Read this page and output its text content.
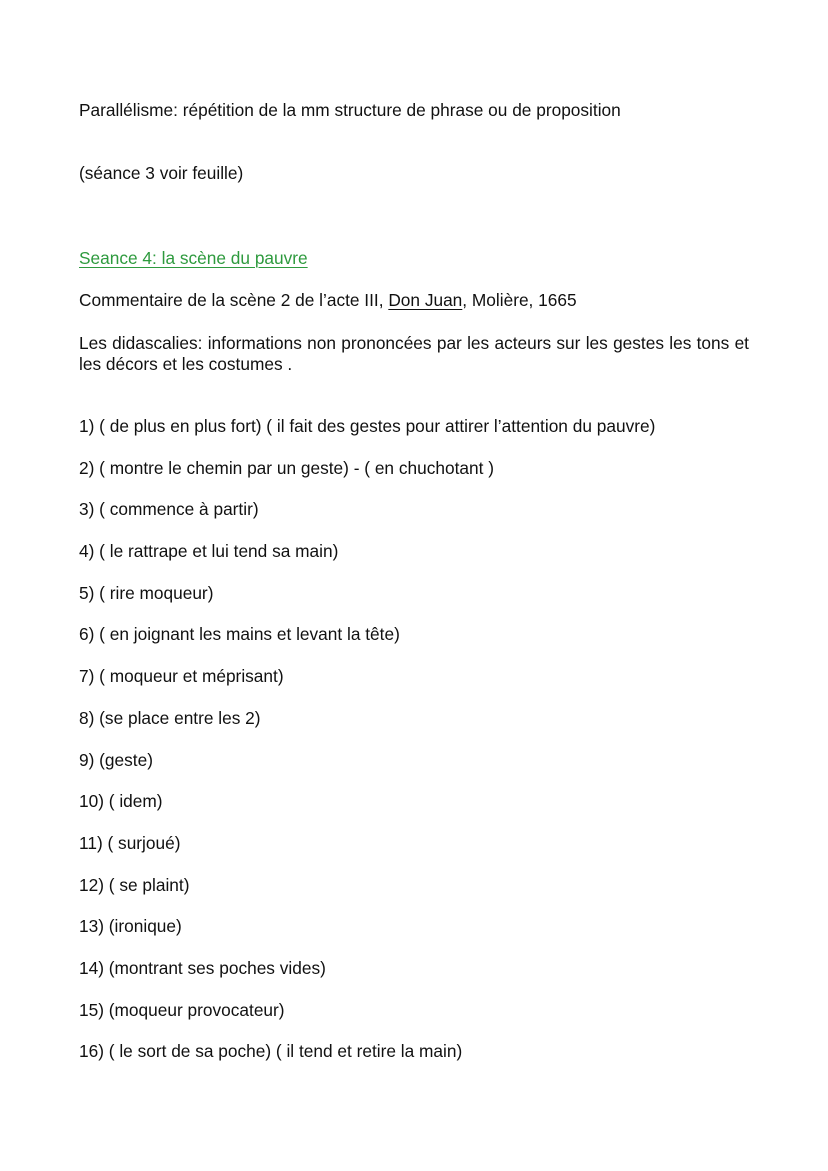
Parallélisme: répétition de la mm structure de phrase ou de proposition

(séance 3 voir feuille)

Seance 4: la scène du pauvre

Commentaire de la scène 2 de l’acte III, Don Juan, Molière, 1665

Les didascalies: informations non prononcées par les acteurs sur les gestes les tons et les décors et les costumes .

1) ( de plus en plus fort) ( il fait des gestes pour attirer l’attention du pauvre)
2) ( montre le chemin par un geste) - ( en chuchotant )
3) ( commence à partir)
4) ( le rattrape et lui tend sa main)
5) ( rire moqueur)
6) ( en joignant les mains et levant la tête)
7) ( moqueur et méprisant)
8) (se place entre les 2)
9) (geste)
10) ( idem)
11) ( surjoué)
12) ( se plaint)
13) (ironique)
14) (montrant ses poches vides)
15) (moqueur provocateur)
16) ( le sort de sa poche) ( il tend et retire la main)
